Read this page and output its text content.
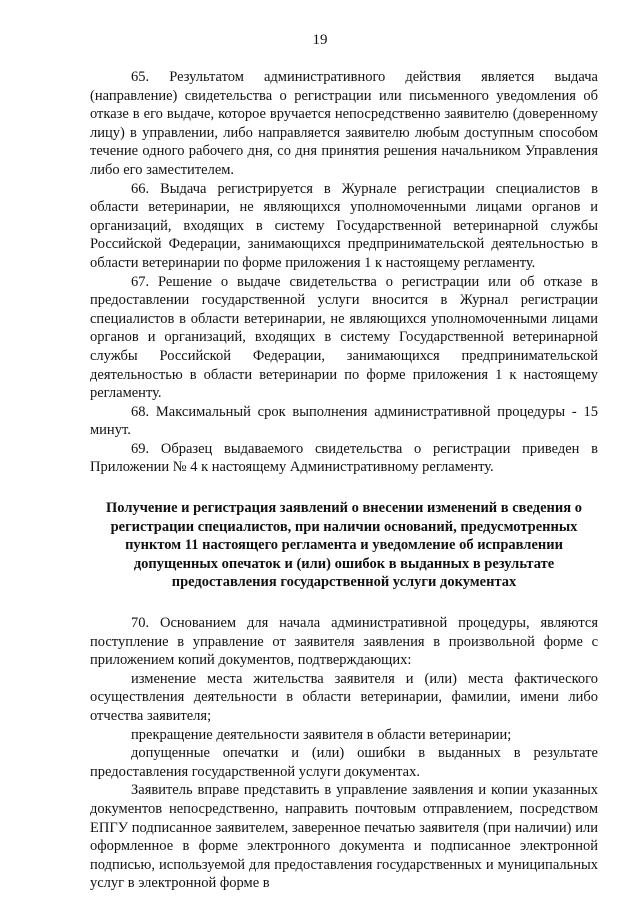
19

65. Результатом административного действия является выдача (направление) свидетельства о регистрации или письменного уведомления об отказе в его выдаче, которое вручается непосредственно заявителю (доверенному лицу) в управлении, либо направляется заявителю любым доступным способом течение одного рабочего дня, со дня принятия решения начальником Управления либо его заместителем.

66. Выдача регистрируется в Журнале регистрации специалистов в области ветеринарии, не являющихся уполномоченными лицами органов и организаций, входящих в систему Государственной ветеринарной службы Российской Федерации, занимающихся предпринимательской деятельностью в области ветеринарии по форме приложения 1 к настоящему регламенту.

67. Решение о выдаче свидетельства о регистрации или об отказе в предоставлении государственной услуги вносится в Журнал регистрации специалистов в области ветеринарии, не являющихся уполномоченными лицами органов и организаций, входящих в систему Государственной ветеринарной службы Российской Федерации, занимающихся предпринимательской деятельностью в области ветеринарии по форме приложения 1 к настоящему регламенту.

68. Максимальный срок выполнения административной процедуры - 15 минут.

69. Образец выдаваемого свидетельства о регистрации приведен в Приложении № 4 к настоящему Административному регламенту.

Получение и регистрация заявлений о внесении изменений в сведения о регистрации специалистов, при наличии оснований, предусмотренных пунктом 11 настоящего регламента и уведомление об исправлении допущенных опечаток и (или) ошибок в выданных в результате предоставления государственной услуги документах

70. Основанием для начала административной процедуры, являются поступление в управление от заявителя заявления в произвольной форме с приложением копий документов, подтверждающих:

изменение места жительства заявителя и (или) места фактического осуществления деятельности в области ветеринарии, фамилии, имени либо отчества заявителя;

прекращение деятельности заявителя в области ветеринарии;

допущенные опечатки и (или) ошибки в выданных в результате предоставления государственной услуги документах.

Заявитель вправе представить в управление заявления и копии указанных документов непосредственно, направить почтовым отправлением, посредством ЕПГУ подписанное заявителем, заверенное печатью заявителя (при наличии) или оформленное в форме электронного документа и подписанное электронной подписью, используемой для предоставления государственных и муниципальных услуг в электронной форме в
